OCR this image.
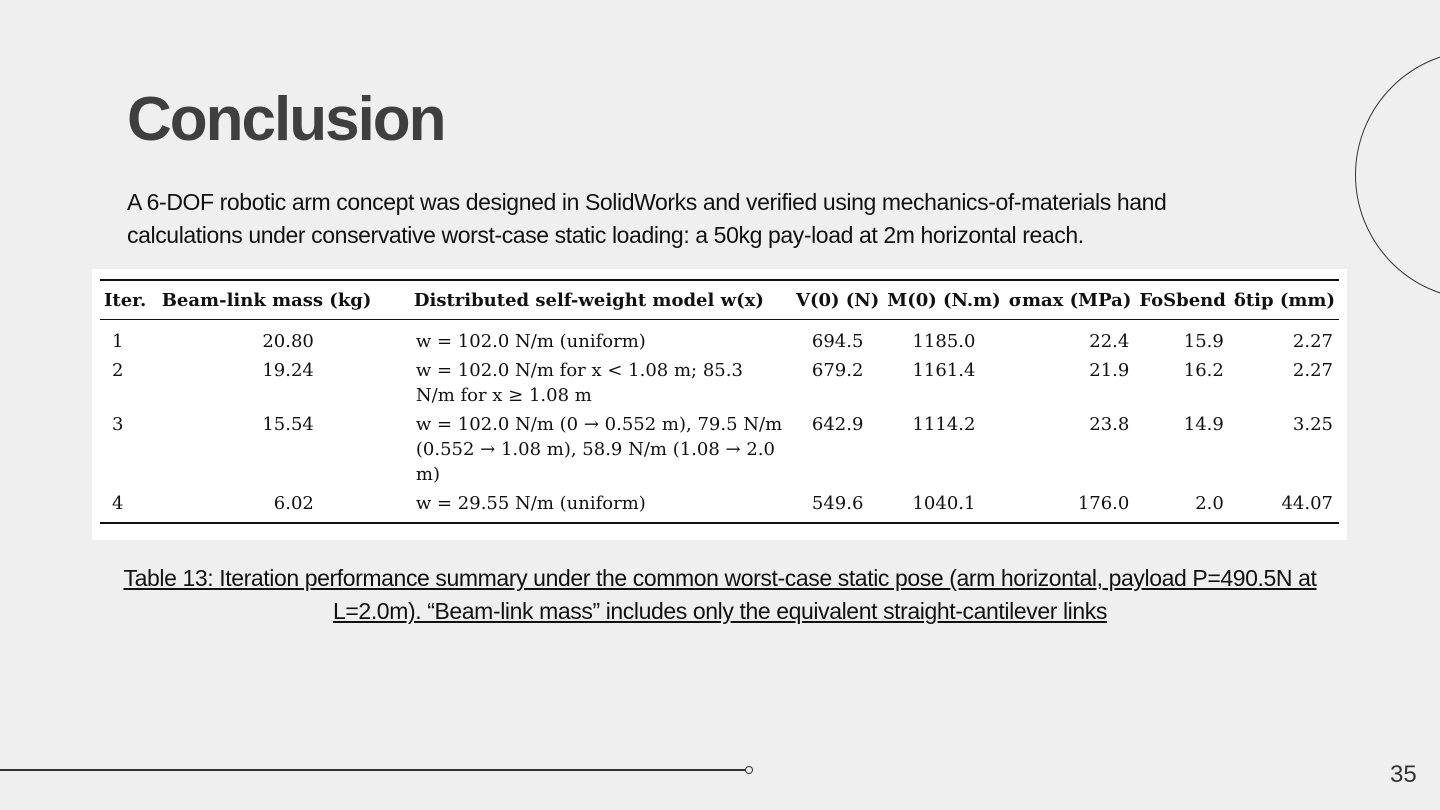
Conclusion

A 6-DOF robotic arm concept was designed in SolidWorks and verified using mechanics-of-materials hand calculations under conservative worst-case static loading: a 50kg pay-load at 2m horizontal reach.

Iter.	Beam-link mass (kg)	Distributed self-weight model w(x)	V(0) (N)	M(0) (N.m)	σmax (MPa)	FoSbend	δtip (mm)
1	20.80	w = 102.0 N/m (uniform)	694.5	1185.0	22.4	15.9	2.27
2	19.24	w = 102.0 N/m for x < 1.08 m; 85.3 N/m for x ≥ 1.08 m	679.2	1161.4	21.9	16.2	2.27
3	15.54	w = 102.0 N/m (0 → 0.552 m), 79.5 N/m (0.552 → 1.08 m), 58.9 N/m (1.08 → 2.0 m)	642.9	1114.2	23.8	14.9	3.25
4	6.02	w = 29.55 N/m (uniform)	549.6	1040.1	176.0	2.0	44.07
Table 13: Iteration performance summary under the common worst-case static pose (arm horizontal, payload P=490.5N at L=2.0m). “Beam-link mass” includes only the equivalent straight-cantilever links
35
